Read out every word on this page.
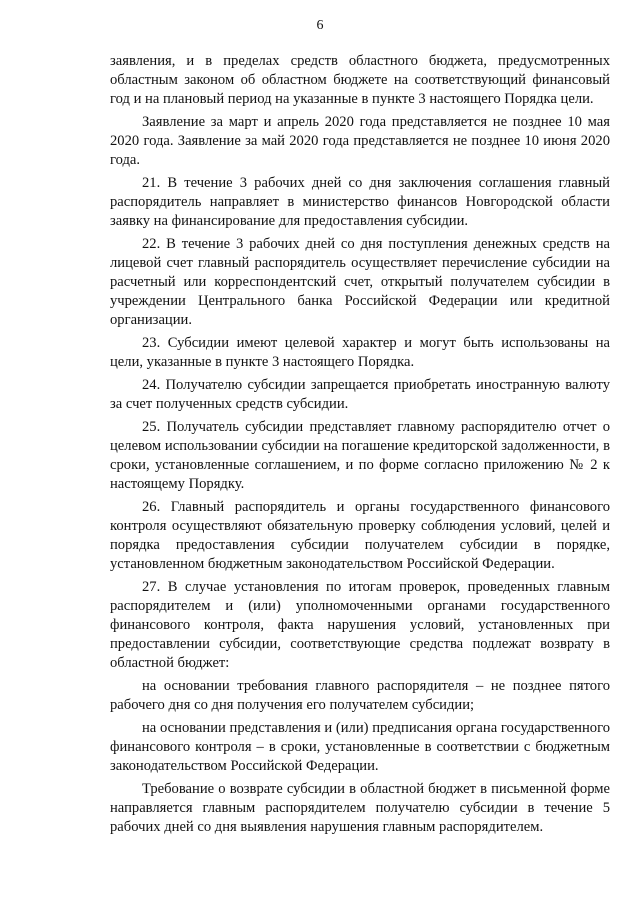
6

заявления, и в пределах средств областного бюджета, предусмотренных областным законом об областном бюджете на соответствующий финансовый год и на плановый период на указанные в пункте 3 настоящего Порядка цели.

Заявление за март и апрель 2020 года представляется не позднее 10 мая 2020 года. Заявление за май 2020 года представляется не позднее 10 июня 2020 года.

21. В течение 3 рабочих дней со дня заключения соглашения главный распорядитель направляет в министерство финансов Новгородской области заявку на финансирование для предоставления субсидии.

22. В течение 3 рабочих дней со дня поступления денежных средств на лицевой счет главный распорядитель осуществляет перечисление субсидии на расчетный или корреспондентский счет, открытый получателем субсидии в учреждении Центрального банка Российской Федерации или кредитной организации.

23. Субсидии имеют целевой характер и могут быть использованы на цели, указанные в пункте 3 настоящего Порядка.

24. Получателю субсидии запрещается приобретать иностранную валюту за счет полученных средств субсидии.

25. Получатель субсидии представляет главному распорядителю отчет о целевом использовании субсидии на погашение кредиторской задолженности, в сроки, установленные соглашением, и по форме согласно приложению № 2 к настоящему Порядку.

26. Главный распорядитель и органы государственного финансового контроля осуществляют обязательную проверку соблюдения условий, целей и порядка предоставления субсидии получателем субсидии в порядке, установленном бюджетным законодательством Российской Федерации.

27. В случае установления по итогам проверок, проведенных главным распорядителем и (или) уполномоченными органами государственного финансового контроля, факта нарушения условий, установленных при предоставлении субсидии, соответствующие средства подлежат возврату в областной бюджет:

на основании требования главного распорядителя – не позднее пятого рабочего дня со дня получения его получателем субсидии;

на основании представления и (или) предписания органа государственного финансового контроля – в сроки, установленные в соответствии с бюджетным законодательством Российской Федерации.

Требование о возврате субсидии в областной бюджет в письменной форме направляется главным распорядителем получателю субсидии в течение 5 рабочих дней со дня выявления нарушения главным распорядителем.
